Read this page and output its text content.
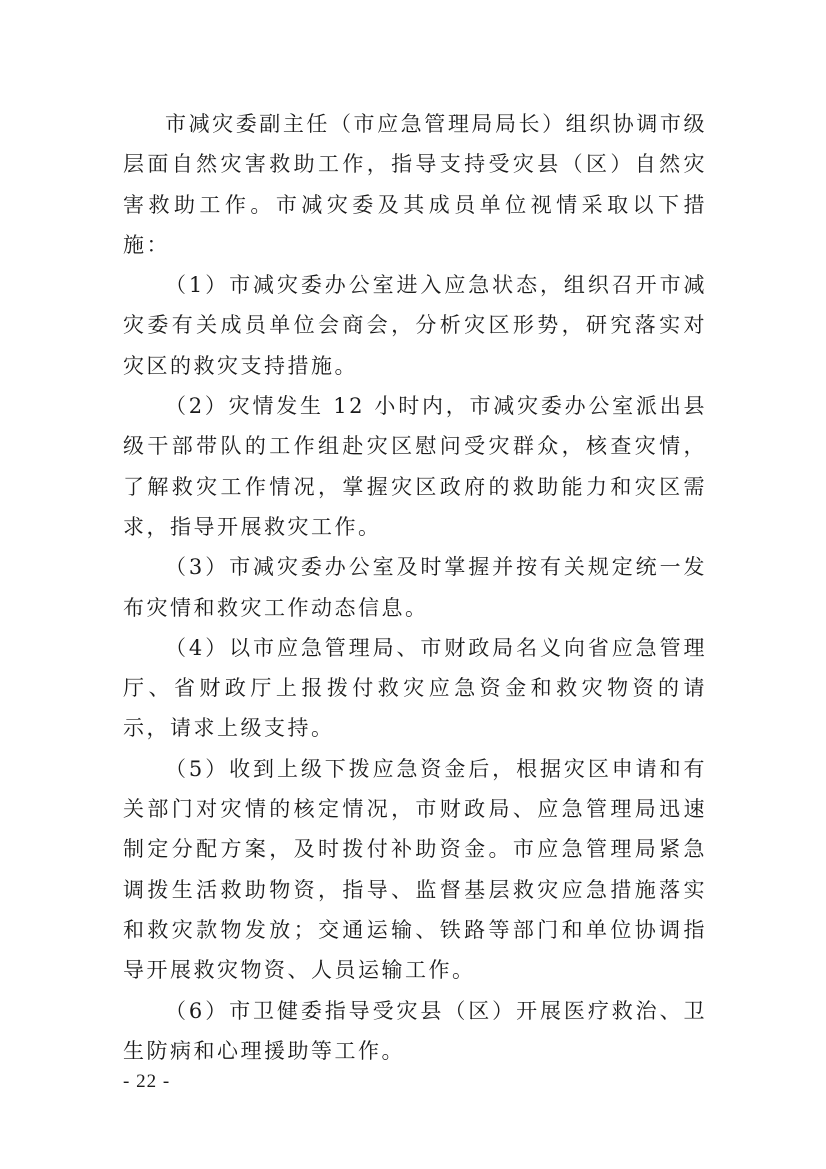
市减灾委副主任（市应急管理局局长）组织协调市级层面自然灾害救助工作，指导支持受灾县（区）自然灾害救助工作。市减灾委及其成员单位视情采取以下措施：

（1）市减灾委办公室进入应急状态，组织召开市减灾委有关成员单位会商会，分析灾区形势，研究落实对灾区的救灾支持措施。

（2）灾情发生 12 小时内，市减灾委办公室派出县级干部带队的工作组赴灾区慰问受灾群众，核查灾情，了解救灾工作情况，掌握灾区政府的救助能力和灾区需求，指导开展救灾工作。

（3）市减灾委办公室及时掌握并按有关规定统一发布灾情和救灾工作动态信息。

（4）以市应急管理局、市财政局名义向省应急管理厅、省财政厅上报拨付救灾应急资金和救灾物资的请示，请求上级支持。

（5）收到上级下拨应急资金后，根据灾区申请和有关部门对灾情的核定情况，市财政局、应急管理局迅速制定分配方案，及时拨付补助资金。市应急管理局紧急调拨生活救助物资，指导、监督基层救灾应急措施落实和救灾款物发放；交通运输、铁路等部门和单位协调指导开展救灾物资、人员运输工作。

（6）市卫健委指导受灾县（区）开展医疗救治、卫生防病和心理援助等工作。

- 22 -
